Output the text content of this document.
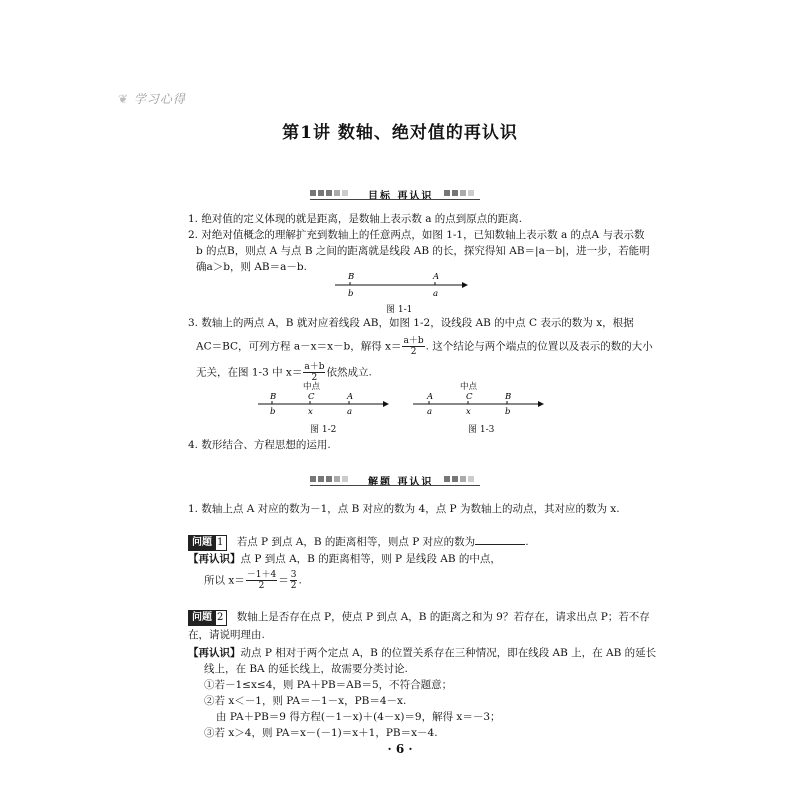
❦ 学习心得
第1讲 数轴、绝对值的再认识
目标 再认识
1. 绝对值的定义体现的就是距离，是数轴上表示数 a 的点到原点的距离.
2. 对绝对值概念的理解扩充到数轴上的任意两点，如图 1-1，已知数轴上表示数 a 的点A 与表示数
b 的点B，则点 A 与点 B 之间的距离就是线段 AB 的长，探究得知 AB＝|a－b|，进一步，若能明
确a＞b，则 AB＝a－b.
B	A
b	a
图 1-1
3. 数轴上的两点 A，B 就对应着线段 AB，如图 1-2，设线段 AB 的中点 C 表示的数为 x，根据
AC＝BC，可列方程 a－x＝x－b，解得 $x= \frac{a+b}{2}$ . 这个结论与两个端点的位置以及表示的数的大小
无关，在图 1-3 中 $x= \frac{a+b}{2}$ 依然成立.
中点
B	C	A
b	x	a
图 1-2
中点
A	C	B
a	x	b
图 1-3
4. 数形结合、方程思想的运用.
解题 再认识
1. 数轴上点 A 对应的数为－1，点 B 对应的数为 4，点 P 为数轴上的动点，其对应的数为 x.
问题 1 若点 P 到点 A，B 的距离相等，则点 P 对应的数为	.
【再认识】点 P 到点 A，B 的距离相等，则 P 是线段 AB 的中点，
所以 $x= \frac{-1+4}{2} = \frac{3}{2}$ .
问题 2 数轴上是否存在点 P，使点 P 到点 A，B 的距离之和为 9？若存在，请求出点 P；若不存
在，请说明理由.
【再认识】动点 P 相对于两个定点 A，B 的位置关系存在三种情况，即在线段 AB 上，在 AB 的延长
线上，在 BA 的延长线上，故需要分类讨论.
①若－1≤x≤4，则 PA＋PB＝AB＝5，不符合题意；
②若 x＜－1，则 PA＝－1－x，PB＝4－x.
由 PA＋PB＝9 得方程(－1－x)＋(4－x)＝9，解得 x＝－3；
③若 x＞4，则 PA＝x－(－1)＝x＋1，PB＝x－4.
· 6 ·
